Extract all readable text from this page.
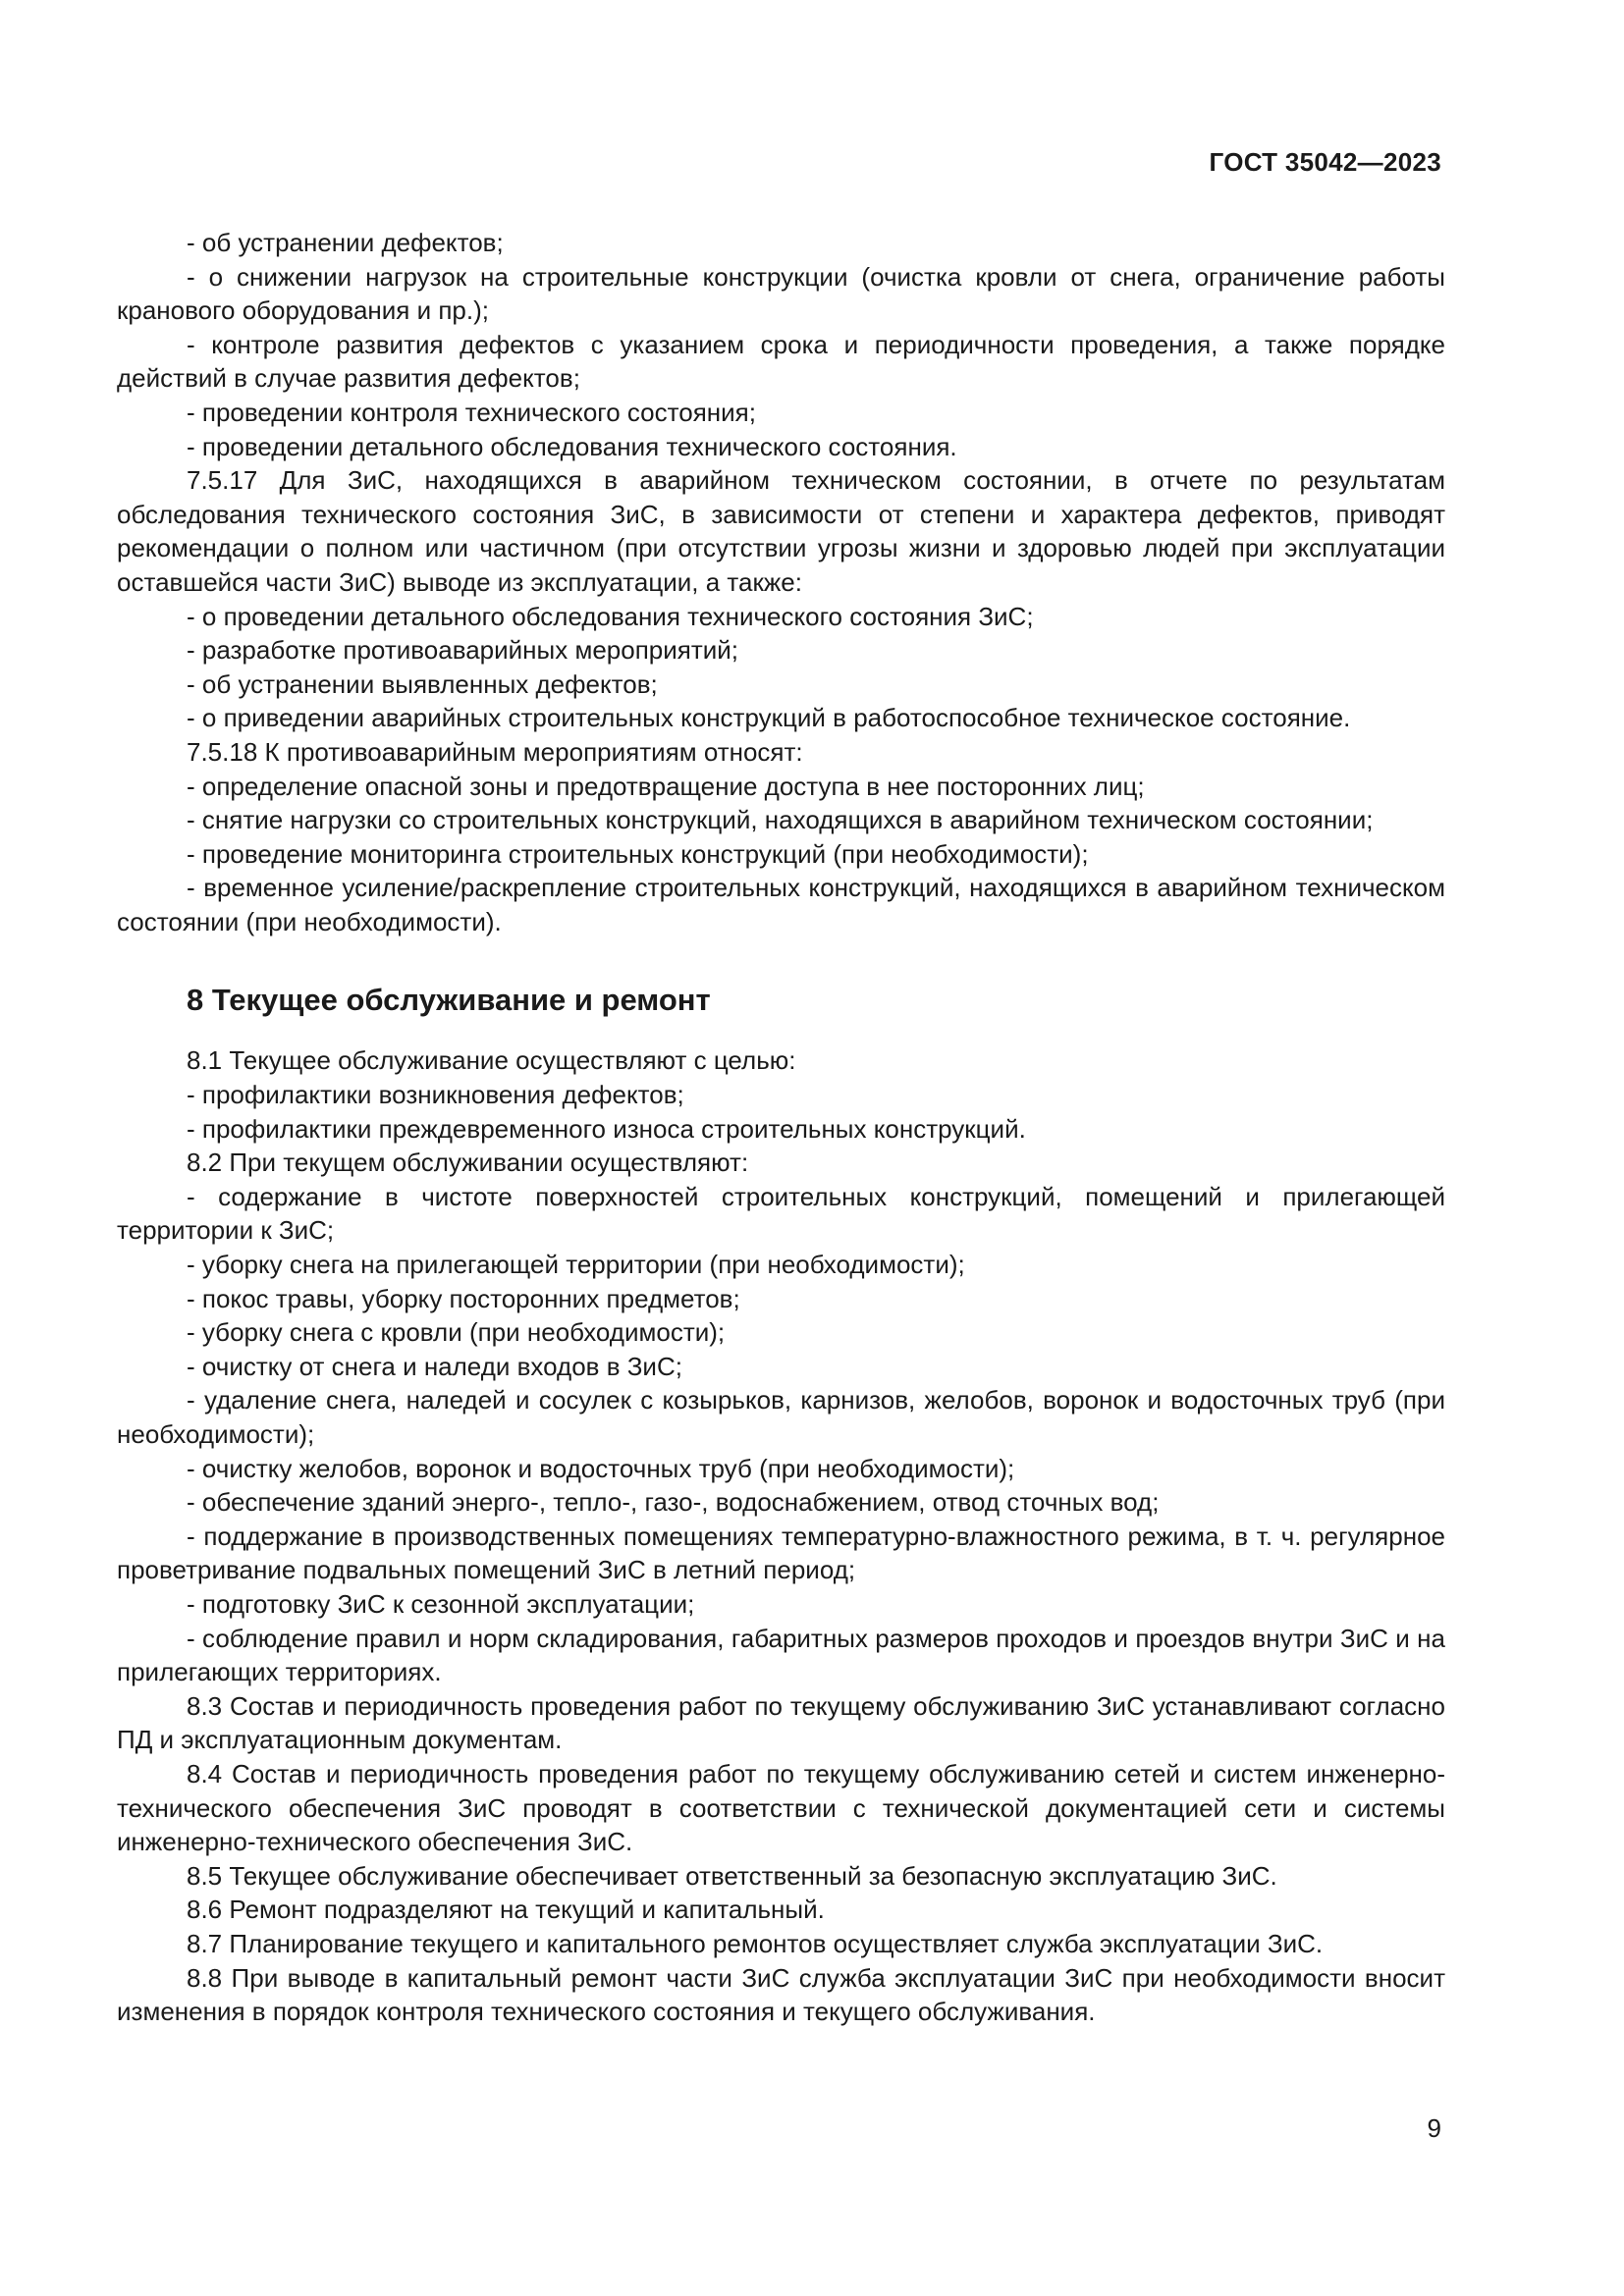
ГОСТ 35042—2023

- об устранении дефектов;

- о снижении нагрузок на строительные конструкции (очистка кровли от снега, ограничение работы кранового оборудования и пр.);

- контроле развития дефектов с указанием срока и периодичности проведения, а также порядке действий в случае развития дефектов;

- проведении контроля технического состояния;

- проведении детального обследования технического состояния.

7.5.17 Для ЗиС, находящихся в аварийном техническом состоянии, в отчете по результатам обследования технического состояния ЗиС, в зависимости от степени и характера дефектов, приводят рекомендации о полном или частичном (при отсутствии угрозы жизни и здоровью людей при эксплуатации оставшейся части ЗиС) выводе из эксплуатации, а также:

- о проведении детального обследования технического состояния ЗиС;

- разработке противоаварийных мероприятий;

- об устранении выявленных дефектов;

- о приведении аварийных строительных конструкций в работоспособное техническое состояние.

7.5.18 К противоаварийным мероприятиям относят:

- определение опасной зоны и предотвращение доступа в нее посторонних лиц;

- снятие нагрузки со строительных конструкций, находящихся в аварийном техническом состоянии;

- проведение мониторинга строительных конструкций (при необходимости);

- временное усиление/раскрепление строительных конструкций, находящихся в аварийном техническом состоянии (при необходимости).

8 Текущее обслуживание и ремонт

8.1 Текущее обслуживание осуществляют с целью:

- профилактики возникновения дефектов;

- профилактики преждевременного износа строительных конструкций.

8.2 При текущем обслуживании осуществляют:

- содержание в чистоте поверхностей строительных конструкций, помещений и прилегающей территории к ЗиС;

- уборку снега на прилегающей территории (при необходимости);

- покос травы, уборку посторонних предметов;

- уборку снега с кровли (при необходимости);

- очистку от снега и наледи входов в ЗиС;

- удаление снега, наледей и сосулек с козырьков, карнизов, желобов, воронок и водосточных труб (при необходимости);

- очистку желобов, воронок и водосточных труб (при необходимости);

- обеспечение зданий энерго-, тепло-, газо-, водоснабжением, отвод сточных вод;

- поддержание в производственных помещениях температурно-влажностного режима, в т. ч. регулярное проветривание подвальных помещений ЗиС в летний период;

- подготовку ЗиС к сезонной эксплуатации;

- соблюдение правил и норм складирования, габаритных размеров проходов и проездов внутри ЗиС и на прилегающих территориях.

8.3 Состав и периодичность проведения работ по текущему обслуживанию ЗиС устанавливают согласно ПД и эксплуатационным документам.

8.4 Состав и периодичность проведения работ по текущему обслуживанию сетей и систем инженерно-технического обеспечения ЗиС проводят в соответствии с технической документацией сети и системы инженерно-технического обеспечения ЗиС.

8.5 Текущее обслуживание обеспечивает ответственный за безопасную эксплуатацию ЗиС.

8.6 Ремонт подразделяют на текущий и капитальный.

8.7 Планирование текущего и капитального ремонтов осуществляет служба эксплуатации ЗиС.

8.8 При выводе в капитальный ремонт части ЗиС служба эксплуатации ЗиС при необходимости вносит изменения в порядок контроля технического состояния и текущего обслуживания.

9
